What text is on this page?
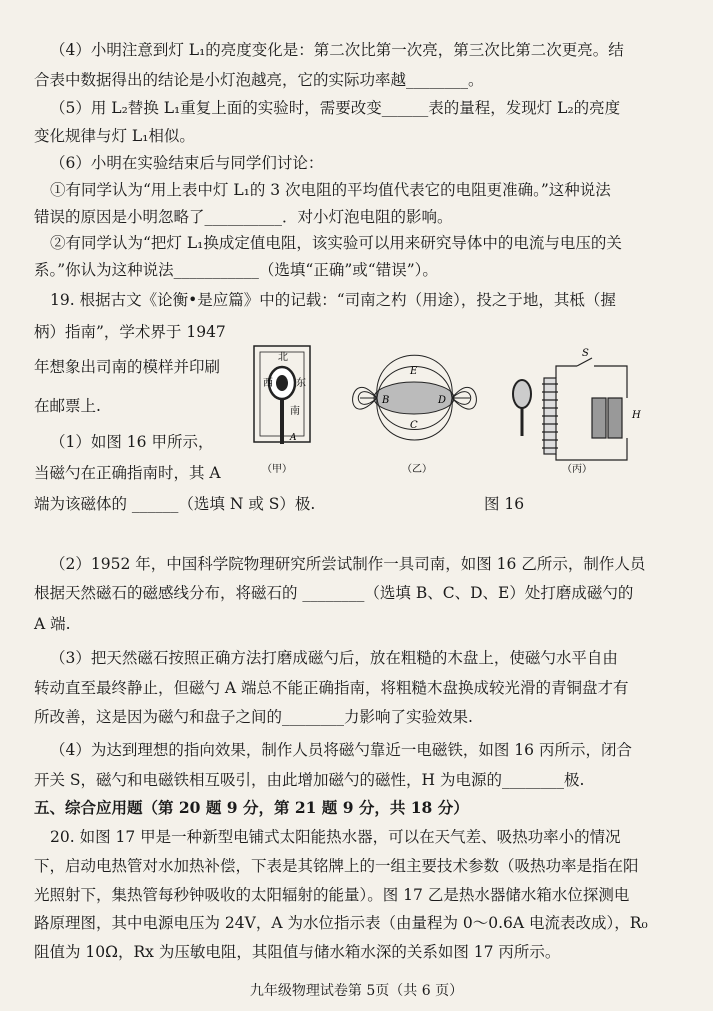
（4）小明注意到灯 L₁的亮度变化是：第二次比第一次亮，第三次比第二次更亮。结
合表中数据得出的结论是小灯泡越亮，它的实际功率越________。
（5）用 L₂替换 L₁重复上面的实验时，需要改变______表的量程，发现灯 L₂的亮度
变化规律与灯 L₁相似。
（6）小明在实验结束后与同学们讨论：
①有同学认为“用上表中灯 L₁的 3 次电阻的平均值代表它的电阻更准确。”这种说法
错误的原因是小明忽略了__________．对小灯泡电阻的影响。
②有同学认为“把灯 L₁换成定值电阻，该实验可以用来研究导体中的电流与电压的关
系。”你认为这种说法___________（选填“正确”或“错误”）。
19. 根据古文《论衡•是应篇》中的记载：“司南之杓（用途），投之于地，其柢（握
柄）指南”，学术界于 1947
年想象出司南的模样并印刷
在邮票上.
（1）如图 16 甲所示，
当磁勺在正确指南时，其 A
端为该磁体的 ______（选填 N 或 S）极.	图 16
北
西 东
南
A
（甲）
B
E
D
C
（乙）
S
H
（丙）
（2）1952 年，中国科学院物理研究所尝试制作一具司南，如图 16 乙所示，制作人员
根据天然磁石的磁感线分布，将磁石的 ________（选填 B、C、D、E）处打磨成磁勺的
A 端.
（3）把天然磁石按照正确方法打磨成磁勺后，放在粗糙的木盘上，使磁勺水平自由
转动直至最终静止，但磁勺 A 端总不能正确指南，将粗糙木盘换成较光滑的青铜盘才有
所改善，这是因为磁勺和盘子之间的________力影响了实验效果.
（4）为达到理想的指向效果，制作人员将磁勺靠近一电磁铁，如图 16 丙所示，闭合
开关 S，磁勺和电磁铁相互吸引，由此增加磁勺的磁性，H 为电源的________极.
五、综合应用题（第 20 题 9 分，第 21 题 9 分，共 18 分）
20. 如图 17 甲是一种新型电铺式太阳能热水器，可以在天气差、吸热功率小的情况
下，启动电热管对水加热补偿，下表是其铭牌上的一组主要技术参数（吸热功率是指在阳
光照射下，集热管每秒钟吸收的太阳辐射的能量）。图 17 乙是热水器储水箱水位探测电
路原理图，其中电源电压为 24V，A 为水位指示表（由量程为 0～0.6A 电流表改成），R₀
阻值为 10Ω，Rx 为压敏电阻，其阻值与储水箱水深的关系如图 17 丙所示。
九年级物理试卷第 5页（共 6 页）
